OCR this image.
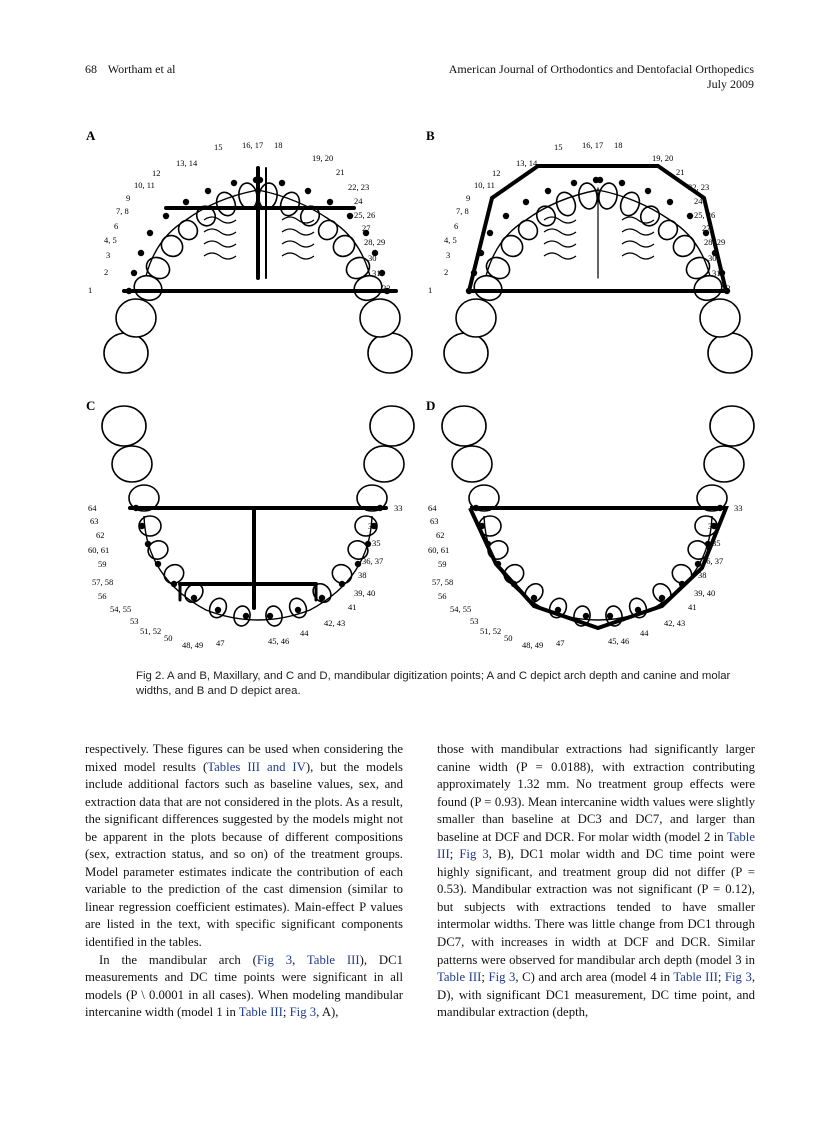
68 Wortham et al	American Journal of Orthodontics and Dentofacial Orthopedics
July 2009
A
1
2
3
4, 5
6
7, 8
9
10, 11
12
13, 14
15 16, 17 18
19, 20
21
22, 23
24
25, 26
27
28, 29
30
31
32
B
1
2
3
4, 5
6
7, 8
9
10, 11
12
13, 14
15 16, 17 18
19, 20
21
22, 23
24
25, 26
27
28, 29
30
31
32
C
64
63
62
60, 61
59
57, 58
56
54, 55
53
51, 52
50
48, 49 47
33
34
35
36, 37
38
39, 40
41
42, 43
44
45, 46
D
64
63
62
60, 61
59
57, 58
56
54, 55
53
51, 52
50
48, 49 47
33
34
35
36, 37
38
39, 40
41
42, 43
44
45, 46
Fig 2. A and B, Maxillary, and C and D, mandibular digitization points; A and C depict arch depth and canine and molar widths, and B and D depict area.

respectively. These figures can be used when considering the mixed model results (Tables III and IV), but the models include additional factors such as baseline values, sex, and extraction data that are not considered in the plots. As a result, the significant differences suggested by the models might not be apparent in the plots because of different compositions (sex, extraction status, and so on) of the treatment groups. Model parameter estimates indicate the contribution of each variable to the prediction of the cast dimension (similar to linear regression coefficient estimates). Main-effect P values are listed in the text, with specific significant components identified in the tables.

In the mandibular arch (Fig 3, Table III), DC1 measurements and DC time points were significant in all models (P \ 0.0001 in all cases). When modeling mandibular intercanine width (model 1 in Table III; Fig 3, A),

those with mandibular extractions had significantly larger canine width (P = 0.0188), with extraction contributing approximately 1.32 mm. No treatment group effects were found (P = 0.93). Mean intercanine width values were slightly smaller than baseline at DC3 and DC7, and larger than baseline at DCF and DCR. For molar width (model 2 in Table III; Fig 3, B), DC1 molar width and DC time point were highly significant, and treatment group did not differ (P = 0.53). Mandibular extraction was not significant (P = 0.12), but subjects with extractions tended to have smaller intermolar widths. There was little change from DC1 through DC7, with increases in width at DCF and DCR. Similar patterns were observed for mandibular arch depth (model 3 in Table III; Fig 3, C) and arch area (model 4 in Table III; Fig 3, D), with significant DC1 measurement, DC time point, and mandibular extraction (depth,
